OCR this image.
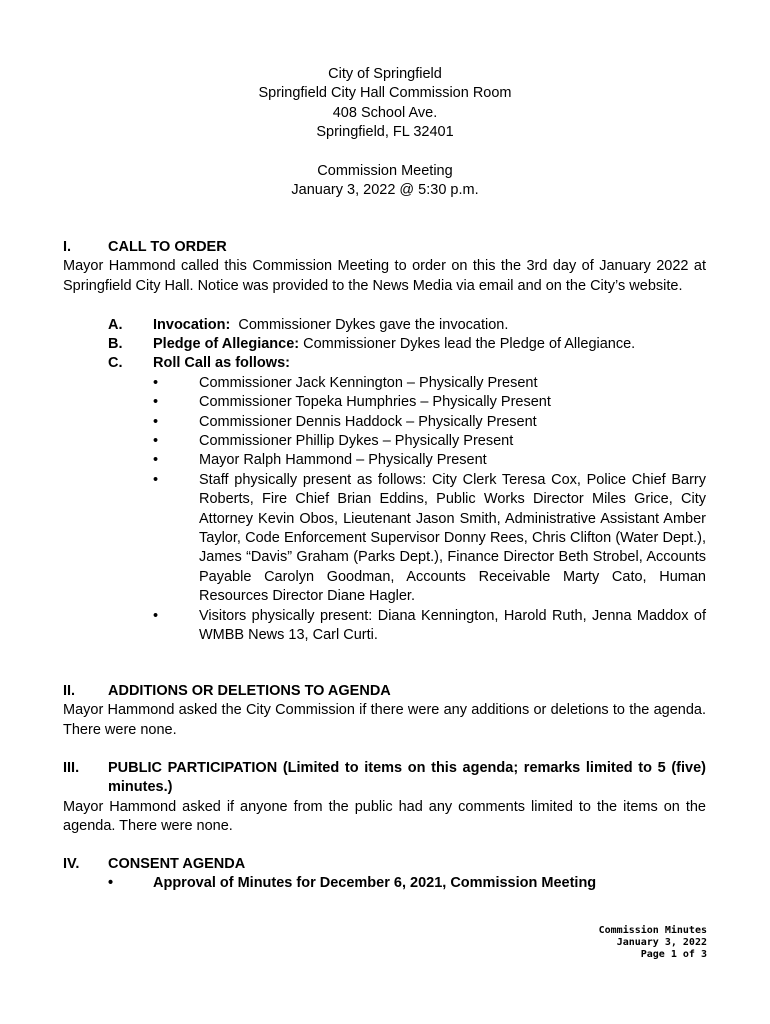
City of Springfield
Springfield City Hall Commission Room
408 School Ave.
Springfield, FL 32401
Commission Meeting
January 3, 2022 @ 5:30 p.m.
I.	CALL TO ORDER
Mayor Hammond called this Commission Meeting to order on this the 3rd day of January 2022 at Springfield City Hall. Notice was provided to the News Media via email and on the City’s website.
A.	Invocation:  Commissioner Dykes gave the invocation.
B.	Pledge of Allegiance: Commissioner Dykes lead the Pledge of Allegiance.
C.	Roll Call as follows:
•	Commissioner Jack Kennington – Physically Present
•	Commissioner Topeka Humphries – Physically Present
•	Commissioner Dennis Haddock – Physically Present
•	Commissioner Phillip Dykes – Physically Present
•	Mayor Ralph Hammond – Physically Present
•	Staff physically present as follows: City Clerk Teresa Cox, Police Chief Barry Roberts, Fire Chief Brian Eddins, Public Works Director Miles Grice, City Attorney Kevin Obos, Lieutenant Jason Smith, Administrative Assistant Amber Taylor, Code Enforcement Supervisor Donny Rees, Chris Clifton (Water Dept.), James “Davis” Graham (Parks Dept.), Finance Director Beth Strobel, Accounts Payable Carolyn Goodman, Accounts Receivable Marty Cato, Human Resources Director Diane Hagler.
•	Visitors physically present: Diana Kennington, Harold Ruth, Jenna Maddox of WMBB News 13, Carl Curti.
II.	ADDITIONS OR DELETIONS TO AGENDA
Mayor Hammond asked the City Commission if there were any additions or deletions to the agenda. There were none.
III.	PUBLIC PARTICIPATION (Limited to items on this agenda; remarks limited to 5 (five) minutes.)
Mayor Hammond asked if anyone from the public had any comments limited to the items on the agenda. There were none.
IV.	CONSENT AGENDA
•	Approval of Minutes for December 6, 2021, Commission Meeting
Commission Minutes
January 3, 2022
Page 1 of 3
